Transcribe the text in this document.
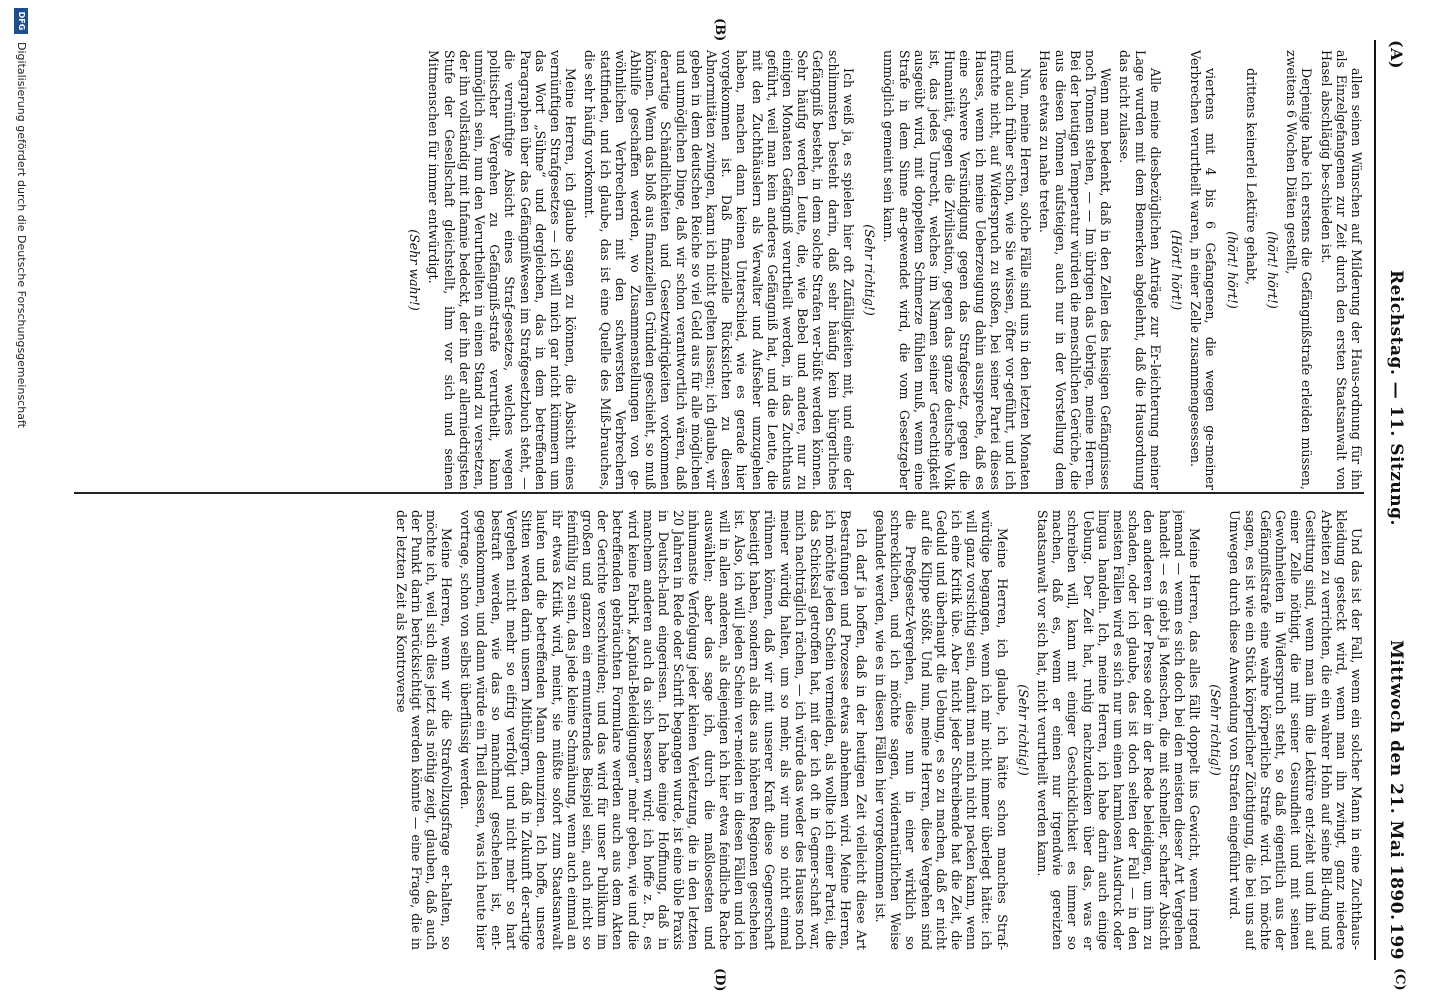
(A)
Reichstag. — 11. Sitzung.
Mittwoch den 21. Mai 1890.
199
(B)
(C)
(D)

allen seinen Wünschen auf Milderung der Haus-ordnung für ihn als Einzelgefangenen zur Zeit durch den ersten Staatsanwalt von Hasel abschlägig be-schieden ist.

Derjenige habe ich erstens die Gefängnißstrafe erleiden müssen, zweitens 6 Wochen Diäten gestellt,

(hört! hört!)

drittens keinerlei Lektüre gehabt,

(hört! hört!)

viertens mit 4 bis 6 Gefangenen, die wegen ge-meiner Verbrechen verurtheilt waren, in einer Zelle zusammengesessen.

(Hört! hört!)

Alle meine diesbezüglichen Anträge zur Er-leichterung meiner Lage wurden mit dem Bemerken abgelehnt, daß die Hausordnung das nicht zulasse.

Wenn man bedenkt, daß in den Zellen des hiesigen Gefängnisses noch Tonnen stehen, — — Im übrigen das Uebrige, meine Herren. Bei der heutigen Temperatur würden die menschlichen Gerüche, die aus diesen Tonnen aufsteigen, auch nur in der Vorstellung dem Hause etwas zu nahe treten.

Nun, meine Herren, solche Fälle sind uns in den letzten Monaten und auch früher schon, wie Sie wissen, öfter vor-geführt, und ich fürchte nicht, auf Widerspruch zu stoßen, bei seiner Partei dieses Hauses, wenn ich meine Ueberzeugung dahin ausspreche, daß es eine schwere Versündigung gegen das Strafgesetz, gegen die Humanität, gegen die Zivilisation, gegen das ganze deutsche Volk ist, das jedes Unrecht, welches im Namen seiner Gerechtigkeit ausgeübt wird, mit doppeltem Schmerze fühlen muß, wenn eine Strafe in dem Sinne an-gewendet wird, die vom Gesetzgeber unmöglich gemeint sein kann.

(Sehr richtig!)

Ich weiß ja, es spielen hier oft Zufälligkeiten mit, und eine der schlimmsten besteht darin, daß sehr häufig kein bürgerliches Gefängniß besteht, in dem solche Strafen ver-büßt werden können. Sehr häufig werden Leute, die, wie Bebel und andere, nur zu einigen Monaten Gefängniß verurtheilt werden, in das Zuchthaus geführt, weil man kein anderes Gefängniß hat, und die Leute, die mit den Zuchthäuslern als Verwalter und Aufseher umzugehen haben, machen dann keinen Unterschied, wie es gerade hier vorgekommen ist. Daß finanzielle Rücksichten zu diesen Abnormitäten zwingen, kann ich nicht gelten lassen; ich glaube, wir geben in dem deutschen Reiche so viel Geld aus für alle möglichen und unmöglichen Dinge, daß wir schon verantwortlich wären, daß derartige Schändlichkeiten und Gesetzwidrigkeiten vorkommen können. Wenn das bloß aus finanziellen Gründen geschieht, so muß Abhilfe geschaffen werden, wo Zusammenstellungen von ge-wöhnlichen Verbrechern mit den schwersten Verbrechern stattfinden, und ich glaube, das ist eine Quelle des Miß-brauches, die sehr häufig vorkommt.

Meine Herren, ich glaube sagen zu können, die Absicht eines vernünftigen Strafgesetzes — ich will mich gar nicht kümmern um das Wort „Sühne“ und dergleichen, das in dem betreffenden Paragraphen über das Gefängnißwesen im Strafgesetzbuch steht, — die vernünftige Absicht eines Straf-gesetzes, welches wegen politischer Vergehen zu Gefängniß-strafe verurtheilt, kann unmöglich sein, nun den Verurtheilten in einen Stand zu versetzen, der ihn vollständig mit Infamie bedeckt, der ihn der allerniedrigsten Stufe der Gesellschaft gleichstellt, ihm vor sich und seinen Mitmenschen für immer entwürdigt.

(Sehr wahr!)

Und das ist der Fall, wenn ein solcher Mann in eine Zuchthaus-kleidung gesteckt wird, wenn man ihn zwingt, ganz niedere Arbeiten zu verrichten, die ein wahrer Hohn auf seine Bil-dung und Gesittung sind, wenn man ihm die Lektüre ent-zieht und ihn auf einer Zelle nöthigt, die mit seiner Gesundheit und mit seinen Gewohnheiten in Widerspruch steht, so daß eigentlich aus der Gefängnißstrafe eine wahre körperliche Strafe wird. Ich möchte sagen, es ist wie ein Stück körperlicher Züchtigung, die bei uns auf Umwegen durch diese Anwendung von Strafen eingeführt wird.

(Sehr richtig!)

Meine Herren, das alles fällt doppelt ins Gewicht, wenn irgend jemand — wenn es sich doch bei den meisten dieser Art Vergehen handelt — es giebt ja Menschen, die mit schneller, scharfer Absicht den anderen in der Presse oder in der Rede beleidigen, um ihm zu schaden, oder ich glaube, das ist doch selten der Fall — in den meisten Fällen wird es sich nur um einen harmlosen Ausdruck oder lingua handeln. Ich, meine Herren, ich habe darin auch einige Uebung. Der Zeit hat, ruhig nachzudenken über das, was er schreiben will, kann mit einiger Geschicklichkeit es immer so machen, daß es, wenn er einen nur irgendwie gereizten Staatsanwalt vor sich hat, nicht verurtheilt werden kann.

(Sehr richtig!)

Meine Herren, ich glaube, ich hätte schon manches Straf-würdige begangen, wenn ich mir nicht immer überlegt hätte: ich will ganz vorsichtig sein, damit man mich nicht packen kann, wenn ich eine Kritik übe. Aber nicht jeder Schreibende hat die Zeit, die Geduld und überhaupt die Uebung, es so zu machen, daß er nicht auf die Klippe stößt. Und nun, meine Herren, diese Vergehen sind die Preßgesetz-Vergehen, diese nun in einer wirklich so schrecklichen, und ich möchte sagen, widernatürlichen Weise geahndet werden, wie es in diesen Fällen hier vorgekommen ist.

Ich darf ja hoffen, daß in der heutigen Zeit vielleicht diese Art Bestrafungen und Prozesse etwas abnehmen wird. Meine Herren, ich möchte jeden Schein vermeiden, als wollte ich einer Partei, die das Schicksal getroffen hat, mit der ich oft in Gegner-schaft war, mich nachträglich rächen, — ich würde das weder des Hauses noch meiner würdig halten, um so mehr, als wir nun so nicht einmal rühmen können, daß wir mit unserer Kraft diese Gegnerschaft beseitigt haben, sondern als dies aus höheren Regionen geschehen ist. Also, ich will jeden Schein ver-meiden in diesen Fällen und ich will in allen anderen, als diejenigen ich hier etwa feindliche Rache auswählen; aber das sage ich, durch die maßlosesten und inhumanste Verfolgung jeder kleinen Verletzung, die in den letzten 20 Jahren in Rede oder Schrift begangen wurde, ist eine üble Praxis in Deutsch-land eingerissen. Ich habe einige Hoffnung, daß in manchem anderen auch da sich bessern wird; ich hoffe z. B., es wird keine Fabrik „Kapital-Beleidigungen“ mehr geben, wie und die betreffenden gebräuchten Formulare werden auch aus dem Akten der Gerichte verschwinden; und das wird für unser Publikum im großen und ganzen ein ermunterndes Beispiel sein, auch nicht so feinfühlig zu sein, das jede kleine Schmähung, wenn auch einmal an ihr etwas Kritik wird, meint, sie müßte sofort zum Staatsanwalt laufen und die betreffenden Mann denunziren. Ich hoffe, unsere Sitten werden darin unsern Mitbürgern, daß in Zukunft der-artige Vergehen nicht mehr so eifrig verfolgt und nicht mehr so hart bestraft werden, wie das so manchmal geschehen ist, ent-gegenkommen, und dann würde ein Theil dessen, was ich heute hier vortrage, schon von selbst überflüssig werden.

Meine Herren, wenn wir die Strafvollzugsfrage er-halten, so möchte ich, weil sich dies jetzt als nöthig zeigt, glauben, daß auch der Punkt darin berücksichtigt werden könnte — eine Frage, die in der letzten Zeit als Kontroverse

DFG
Digitalisierung gefördert durch die Deutsche Forschungsgemeinschaft
